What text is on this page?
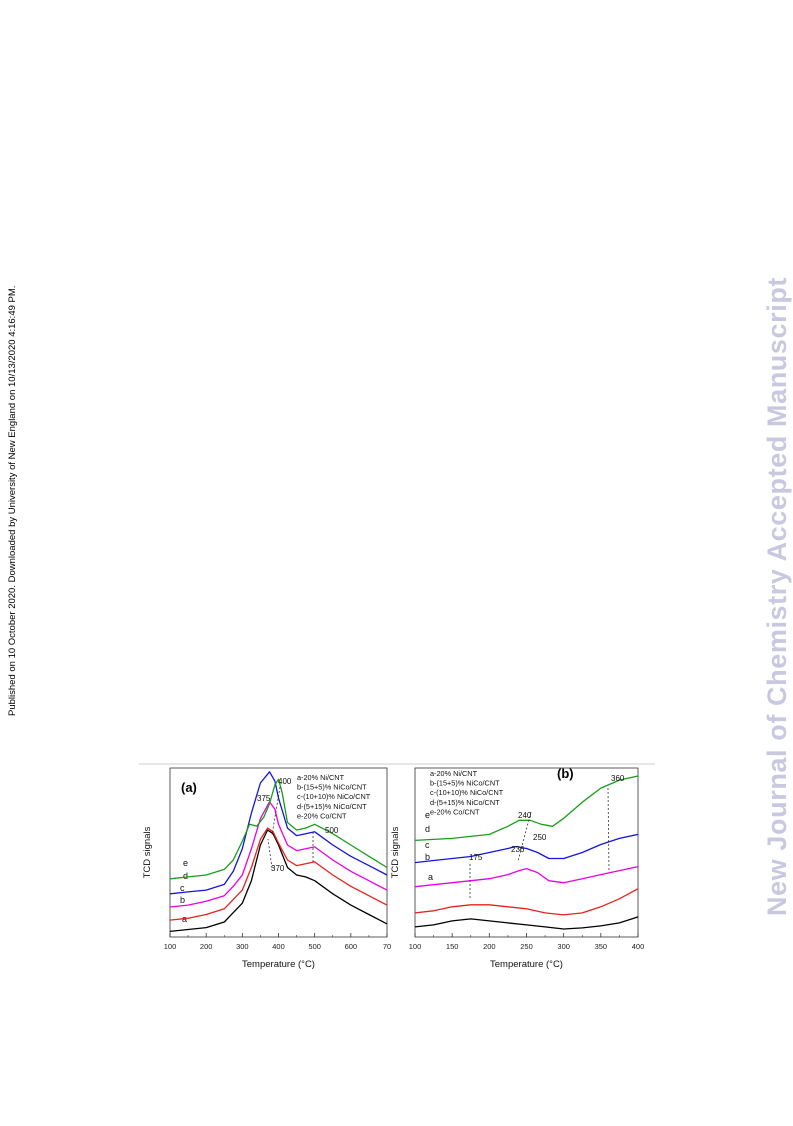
Published on 10 October 2020. Downloaded by University of New England on 10/13/2020 4:16:49 PM.	New Journal of Chemistry Accepted Manuscript
100	200	300	400	500	600	70
Temperature (°C)
TCD signals
a
b
c
d
e
400
375
370
500
(a)
a-20% Ni/CNT
b-(15+5)% NiCo/CNT
c-(10+10)% NiCo/CNT
d-(5+15)% NiCo/CNT
e-20% Co/CNT
100	150	200	250	300	350	400
Temperature (°C)
TCD signals	a
b
c
d
e
360
240
250
236
175
(b)
a-20% Ni/CNT
b-(15+5)% NiCo/CNT
c-(10+10)% NiCo/CNT
d-(5+15)% NiCo/CNT
e-20% Co/CNT
